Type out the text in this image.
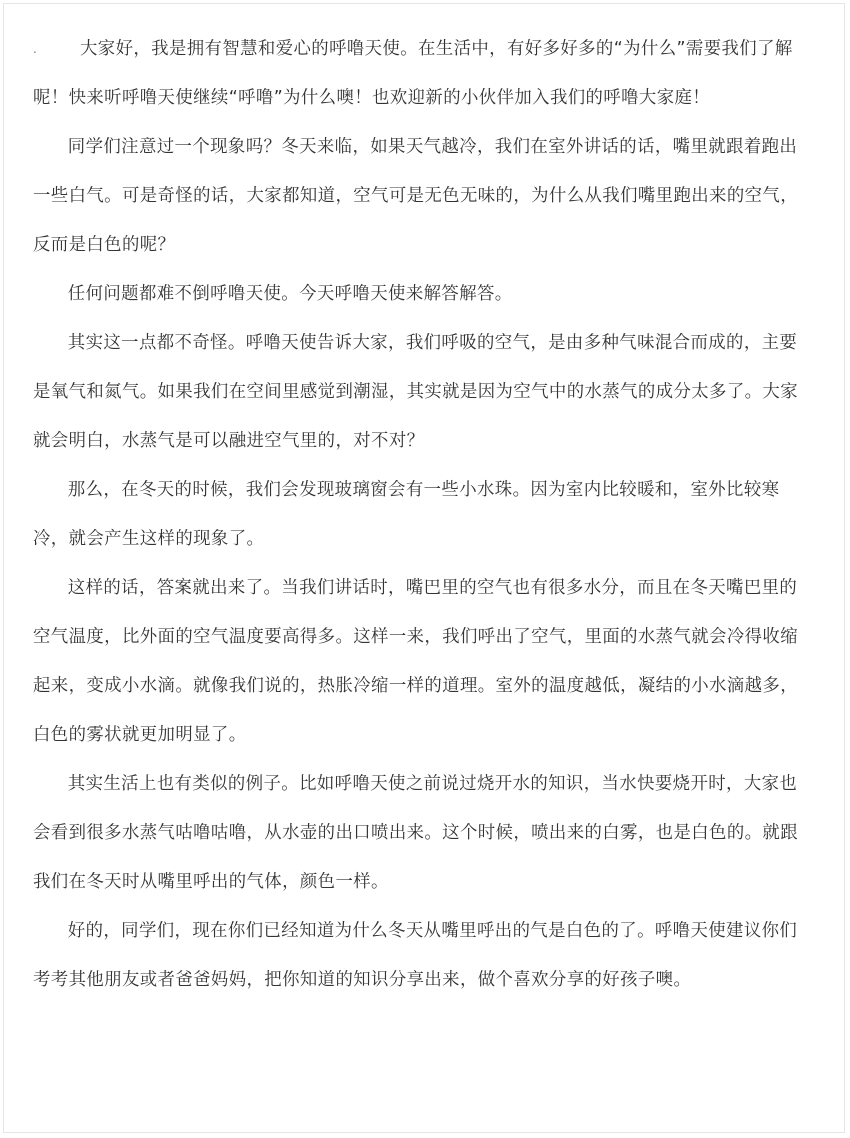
. 大家好，我是拥有智慧和爱心的呼噜天使。在生活中，有好多好多的“为什么”需要我们了解呢！快来听呼噜天使继续“呼噜”为什么噢！也欢迎新的小伙伴加入我们的呼噜大家庭！

同学们注意过一个现象吗？冬天来临，如果天气越冷，我们在室外讲话的话，嘴里就跟着跑出一些白气。可是奇怪的话，大家都知道，空气可是无色无味的，为什么从我们嘴里跑出来的空气，反而是白色的呢？

任何问题都难不倒呼噜天使。今天呼噜天使来解答解答。

其实这一点都不奇怪。呼噜天使告诉大家，我们呼吸的空气，是由多种气味混合而成的，主要是氧气和氮气。如果我们在空间里感觉到潮湿，其实就是因为空气中的水蒸气的成分太多了。大家就会明白，水蒸气是可以融进空气里的，对不对？

那么，在冬天的时候，我们会发现玻璃窗会有一些小水珠。因为室内比较暖和，室外比较寒冷，就会产生这样的现象了。

这样的话，答案就出来了。当我们讲话时，嘴巴里的空气也有很多水分，而且在冬天嘴巴里的空气温度，比外面的空气温度要高得多。这样一来，我们呼出了空气，里面的水蒸气就会冷得收缩起来，变成小水滴。就像我们说的，热胀冷缩一样的道理。室外的温度越低，凝结的小水滴越多，白色的雾状就更加明显了。

其实生活上也有类似的例子。比如呼噜天使之前说过烧开水的知识，当水快要烧开时，大家也会看到很多水蒸气咕噜咕噜，从水壶的出口喷出来。这个时候，喷出来的白雾，也是白色的。就跟我们在冬天时从嘴里呼出的气体，颜色一样。

好的，同学们，现在你们已经知道为什么冬天从嘴里呼出的气是白色的了。呼噜天使建议你们考考其他朋友或者爸爸妈妈，把你知道的知识分享出来，做个喜欢分享的好孩子噢。
